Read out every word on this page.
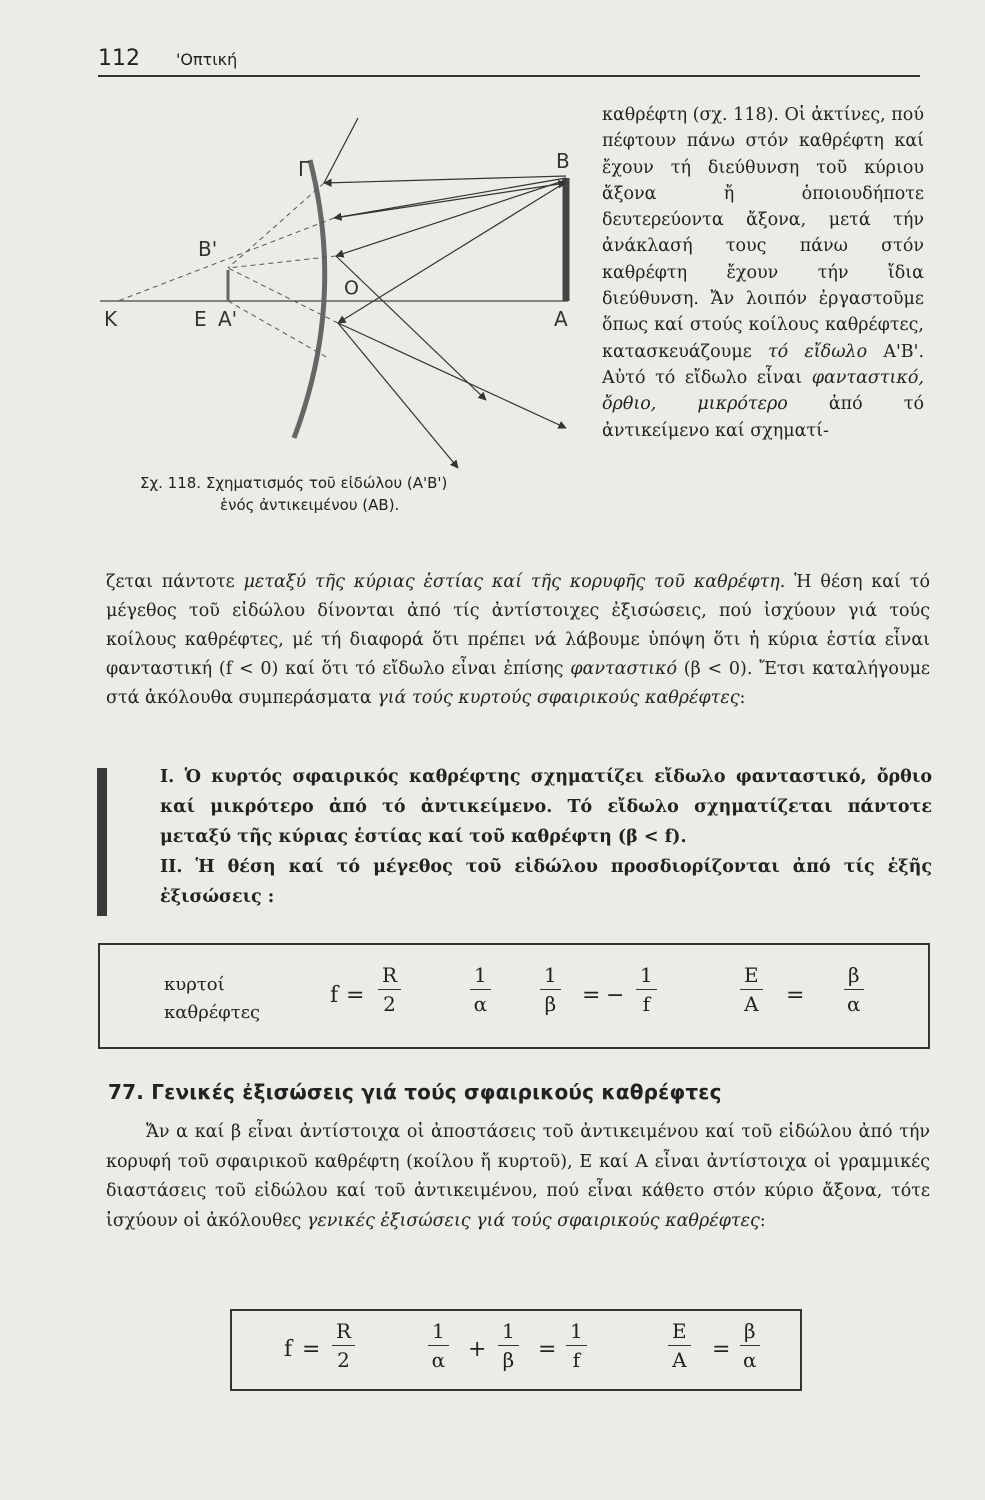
112 'Οπτική
Γ	Β
Β'
Ο
Κ	Ε Α'	Α
Σχ. 118. Σχηματισμός τοῦ εἰδώλου (Α'Β')
ἑνός ἀντικειμένου (ΑΒ).

καθρέφτη (σχ. 118). Οἱ ἀκτίνες, πού πέφτουν πάνω στόν καθρέφτη καί ἔχουν τή διεύθυνση τοῦ κύριου ἄξονα ἤ ὁποιουδήποτε δευτερεύοντα ἄξονα, μετά τήν ἀνάκλασή τους πάνω στόν καθρέφτη ἔχουν τήν ἴδια διεύθυνση. Ἄν λοιπόν ἐργαστοῦμε ὅπως καί στούς κοίλους καθρέφτες, κατασκευάζουμε τό εἴδωλο Α'Β'. Αὐτό τό εἴδωλο εἶναι φανταστικό, ὄρθιο, μικρότερο ἀπό τό ἀντικείμενο καί σχηματί-

ζεται πάντοτε μεταξύ τῆς κύριας ἑστίας καί τῆς κορυφῆς τοῦ καθρέφτη. Ἡ θέση καί τό μέγεθος τοῦ εἰδώλου δίνονται ἀπό τίς ἀντίστοιχες ἐξισώσεις, πού ἰσχύουν γιά τούς κοίλους καθρέφτες, μέ τή διαφορά ὅτι πρέπει νά λάβουμε ὑπόψη ὅτι ἡ κύρια ἑστία εἶναι φανταστική (f < 0) καί ὅτι τό εἴδωλο εἶναι ἐπίσης φανταστικό (β < 0). Ἔτσι καταλήγουμε στά ἀκόλουθα συμπεράσματα γιά τούς κυρτούς σφαιρικούς καθρέφτες:

I. Ὁ κυρτός σφαιρικός καθρέφτης σχηματίζει εἴδωλο φανταστικό, ὄρθιο καί μικρότερο ἀπό τό ἀντικείμενο. Τό εἴδωλο σχηματίζεται πάντοτε μεταξύ τῆς κύριας ἑστίας καί τοῦ καθρέφτη (β < f).

II. Ἡ θέση καί τό μέγεθος τοῦ εἰδώλου προσδιορίζονται ἀπό τίς ἑξῆς ἐξισώσεις :

κυρτοί
καθρέφτες
$f = \frac{R}{2}$	$\frac{1}{\alpha} \frac{1}{\beta}$ = − $\frac{1}{f}$	$\frac{E}{A} = \frac{\beta}{\alpha}$
77. Γενικές ἐξισώσεις γιά τούς σφαιρικούς καθρέφτες

Ἄν α καί β εἶναι ἀντίστοιχα οἱ ἀποστάσεις τοῦ ἀντικειμένου καί τοῦ εἰδώλου ἀπό τήν κορυφή τοῦ σφαιρικοῦ καθρέφτη (κοίλου ἤ κυρτοῦ), Ε καί Α εἶναι ἀντίστοιχα οἱ γραμμικές διαστάσεις τοῦ εἰδώλου καί τοῦ ἀντικειμένου, πού εἶναι κάθετο στόν κύριο ἄξονα, τότε ἰσχύουν οἱ ἀκόλουθες γενικές ἐξισώσεις γιά τούς σφαιρικούς καθρέφτες:

$f = \frac{R}{2}$	$\frac{1}{\alpha} + \frac{1}{\beta} = \frac{1}{f}$	$\frac{E}{A} = \frac{\beta}{\alpha}$
